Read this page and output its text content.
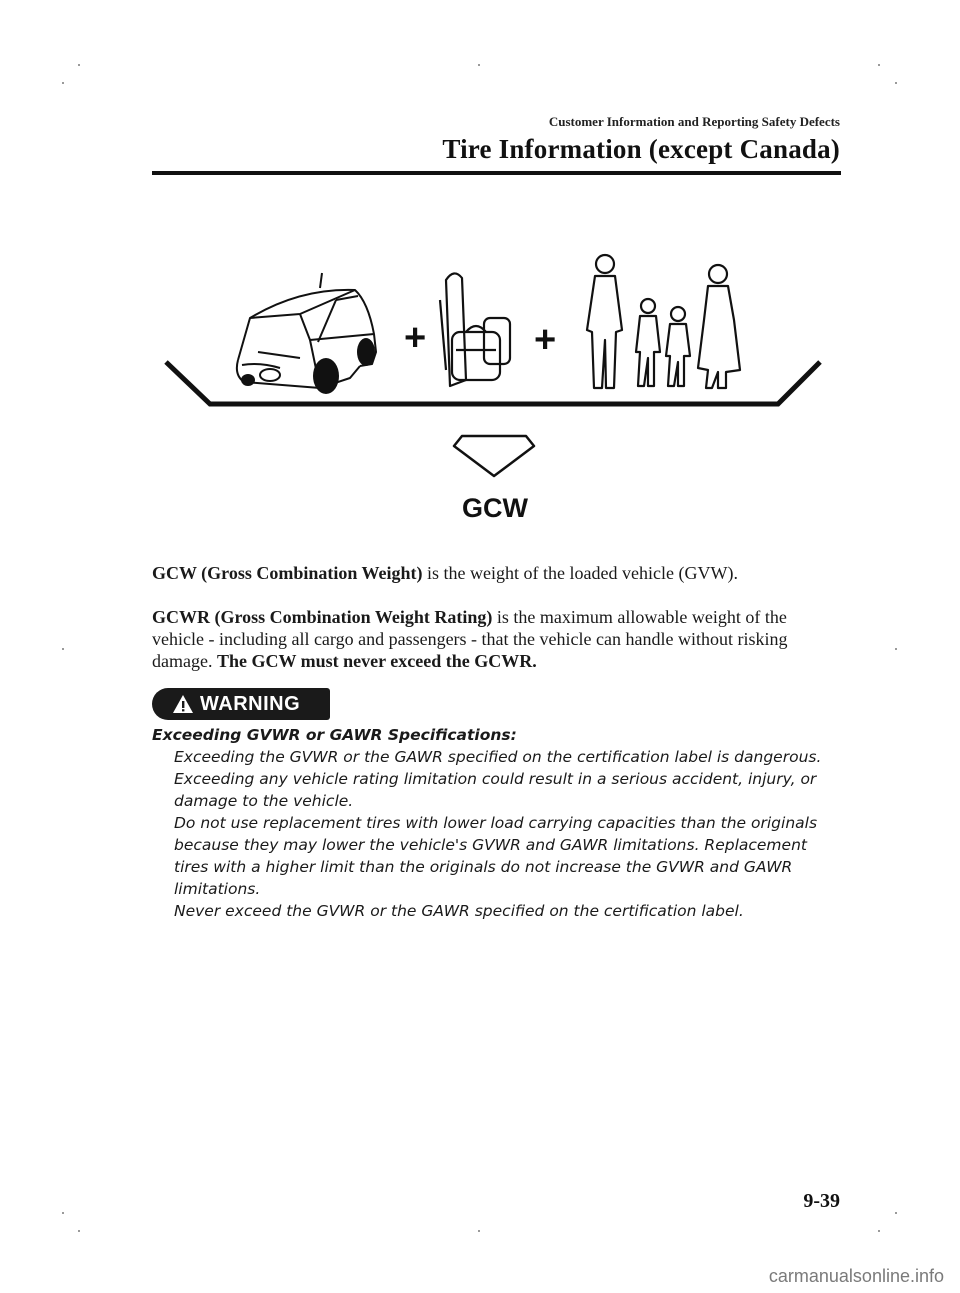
Customer Information and Reporting Safety Defects
Tire Information (except Canada)
+	+
GCW
GCW (Gross Combination Weight) is the weight of the loaded vehicle (GVW).
GCWR (Gross Combination Weight Rating) is the maximum allowable weight of the vehicle - including all cargo and passengers - that the vehicle can handle without risking damage. The GCW must never exceed the GCWR.
WARNING
Exceeding GVWR or GAWR Specifications:

Exceeding the GVWR or the GAWR specified on the certification label is dangerous.

Exceeding any vehicle rating limitation could result in a serious accident, injury, or damage to the vehicle.

Do not use replacement tires with lower load carrying capacities than the originals because they may lower the vehicle's GVWR and GAWR limitations. Replacement tires with a higher limit than the originals do not increase the GVWR and GAWR limitations.

Never exceed the GVWR or the GAWR specified on the certification label.

9-39
carmanualsonline.info
